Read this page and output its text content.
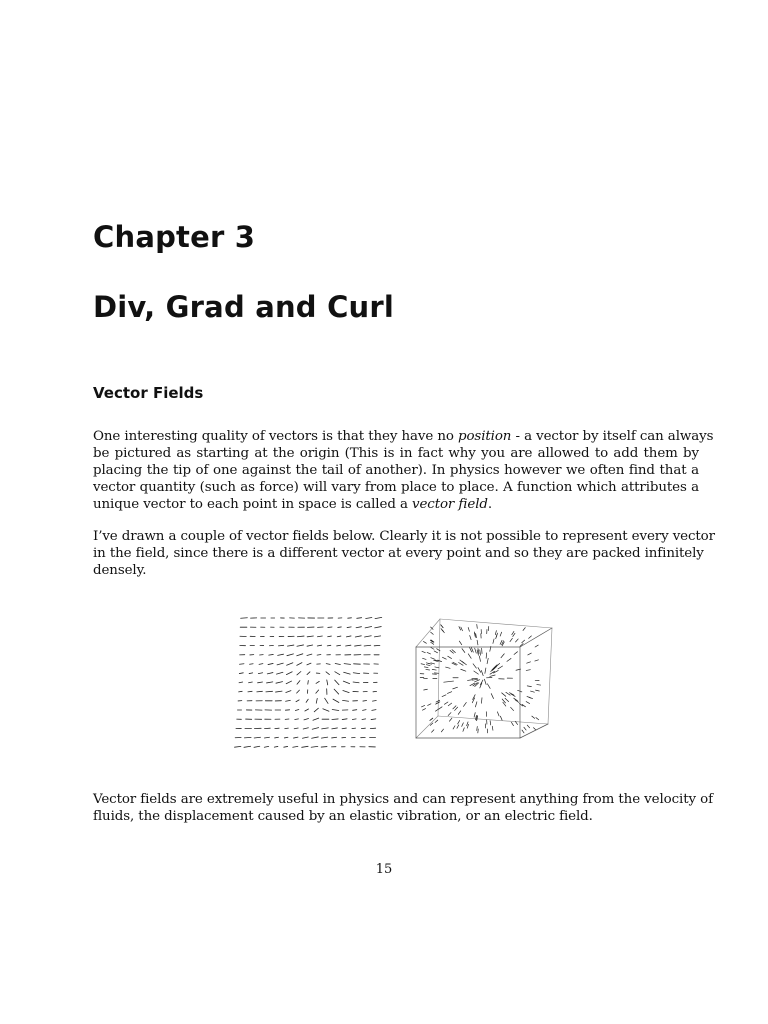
Chapter 3
Div, Grad and Curl
Vector Fields

One interesting quality of vectors is that they have no position - a vector by itself can always
be pictured as starting at the origin (This is in fact why you are allowed to add them by
placing the tip of one against the tail of another). In physics however we often find that a
vector quantity (such as force) will vary from place to place. A function which attributes a
unique vector to each point in space is called a vector field.

I’ve drawn a couple of vector fields below. Clearly it is not possible to represent every vector
in the field, since there is a different vector at every point and so they are packed infinitely
densely.

Vector fields are extremely useful in physics and can represent anything from the velocity of
fluids, the displacement caused by an elastic vibration, or an electric field.

15
